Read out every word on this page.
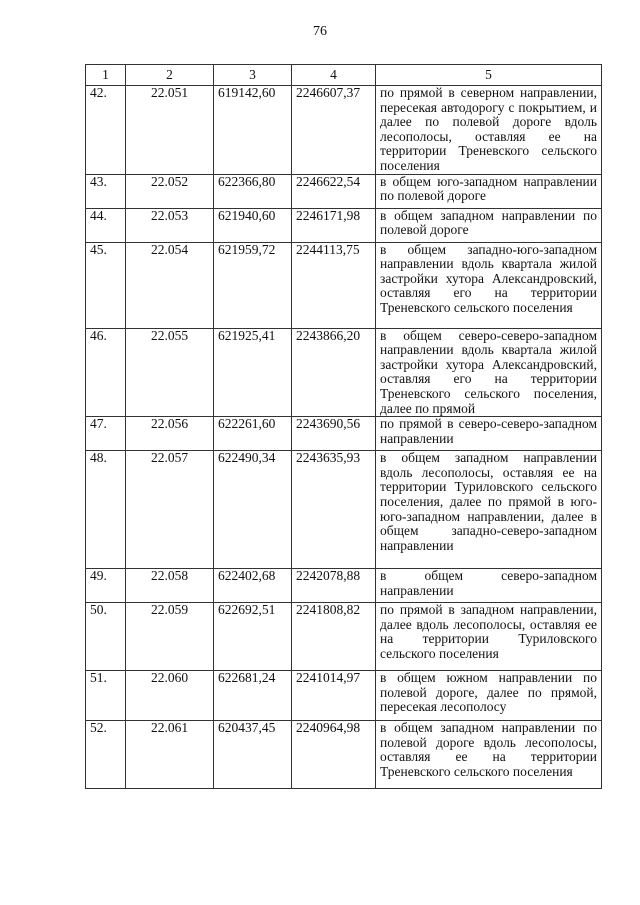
76
1	2	3	4	5
42.	22.051	619142,60	2246607,37	по прямой в северном направлении, пересекая автодорогу с покрытием, и далее по полевой дороге вдоль лесополосы, оставляя ее на территории Треневского сельского поселения
43.	22.052	622366,80	2246622,54	в общем юго-западном направлении по полевой дороге
44.	22.053	621940,60	2246171,98	в общем западном направлении по полевой дороге
45.	22.054	621959,72	2244113,75	в общем западно-юго-западном направлении вдоль квартала жилой застройки хутора Александровский, оставляя его на территории Треневского сельского поселения
46.	22.055	621925,41	2243866,20	в общем северо-северо-западном направлении вдоль квартала жилой застройки хутора Александровский, оставляя его на территории Треневского сельского поселения, далее по прямой
47.	22.056	622261,60	2243690,56	по прямой в северо-северо-западном направлении
48.	22.057	622490,34	2243635,93	в общем западном направлении вдоль лесополосы, оставляя ее на территории Туриловского сельского поселения, далее по прямой в юго-юго-западном направлении, далее в общем западно-северо-западном направлении
49.	22.058	622402,68	2242078,88	в общем северо-западном направлении
50.	22.059	622692,51	2241808,82	по прямой в западном направлении, далее вдоль лесополосы, оставляя ее на территории Туриловского сельского поселения
51.	22.060	622681,24	2241014,97	в общем южном направлении по полевой дороге, далее по прямой, пересекая лесополосу
52.	22.061	620437,45	2240964,98	в общем западном направлении по полевой дороге вдоль лесополосы, оставляя ее на территории Треневского сельского поселения
